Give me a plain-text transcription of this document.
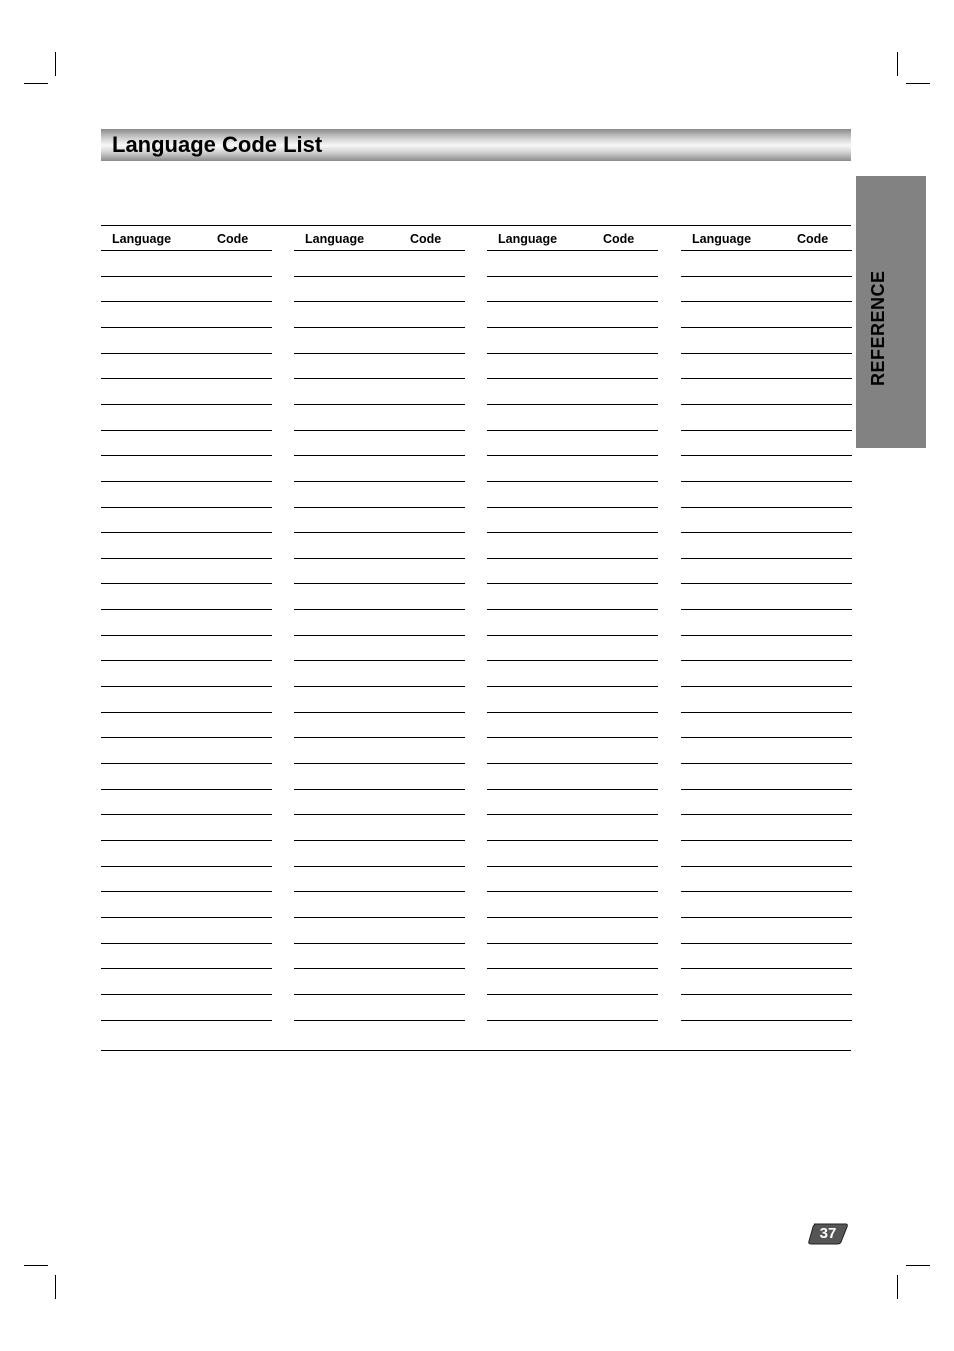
Language Code List
REFERENCE
Language	Code	Language	Code	Language	Code	Language	Code
37
